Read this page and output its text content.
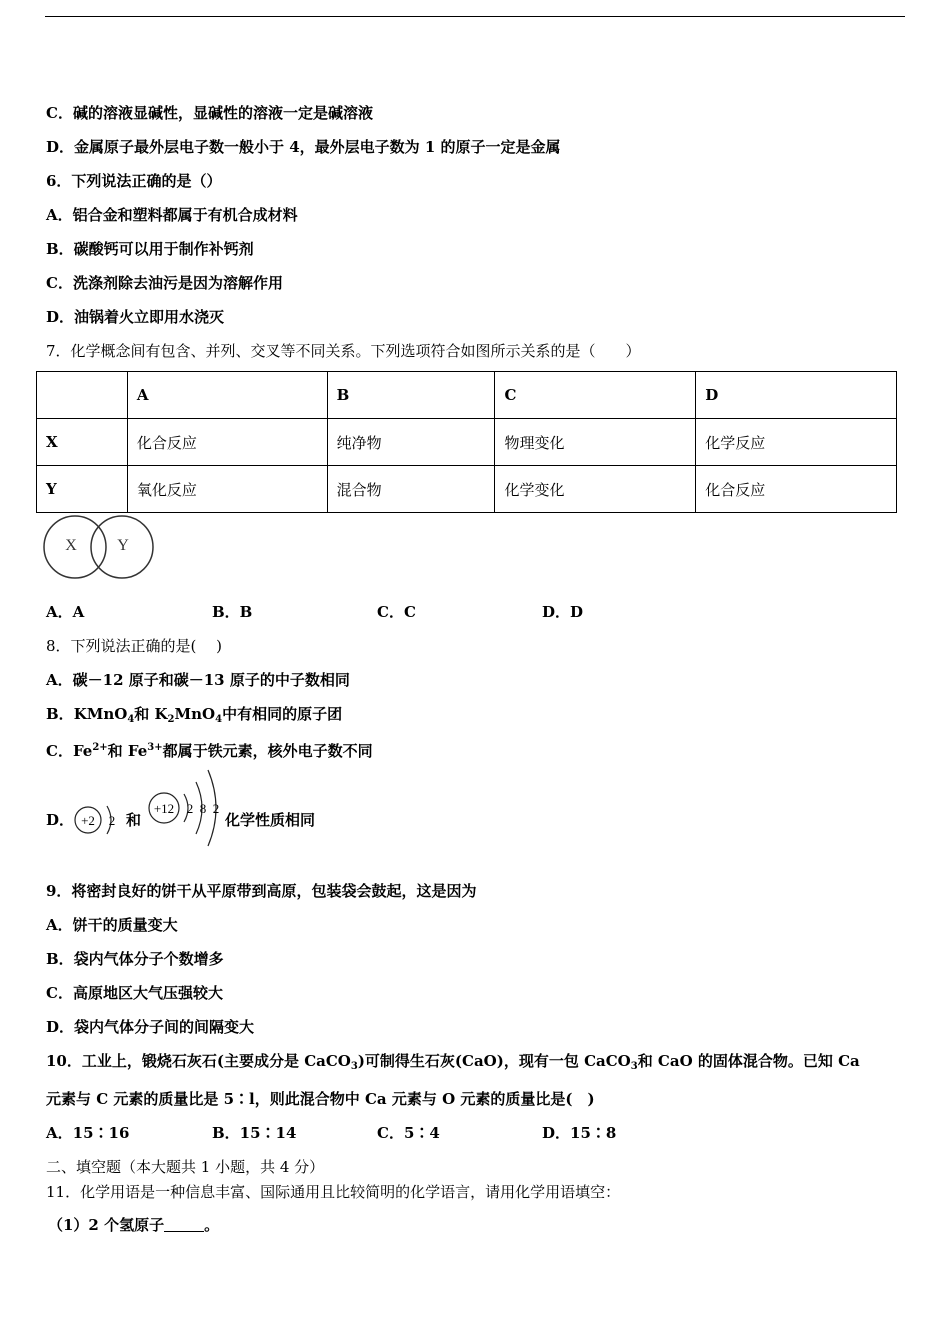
C．碱的溶液显碱性，显碱性的溶液一定是碱溶液
D．金属原子最外层电子数一般小于 4，最外层电子数为 1 的原子一定是金属
6．下列说法正确的是（）
A．铝合金和塑料都属于有机合成材料
B．碳酸钙可以用于制作补钙剂
C．洗涤剂除去油污是因为溶解作用
D．油锅着火立即用水浇灭
7．化学概念间有包含、并列、交叉等不同关系。下列选项符合如图所示关系的是（　　）
	A	B	C	D
X	化合反应	纯净物	物理变化	化学反应
Y	氧化反应	混合物	化学变化	化合反应
X	Y
A．A	B．B	C．C	D．D
8．下列说法正确的是(　 )
A．碳－12 原子和碳－13 原子的中子数相同
B．KMnO$_4$和 $K_2MnO_4$中有相同的原子团
C．$Fe^{2+}$和 $Fe^{3+}$都属于铁元素，核外电子数不同
D． +2 2 和
+12 2 8 2
化学性质相同
9．将密封良好的饼干从平原带到高原，包装袋会鼓起，这是因为
A．饼干的质量变大
B．袋内气体分子个数增多
C．高原地区大气压强较大
D．袋内气体分子间的间隔变大
10．工业上，锻烧石灰石(主要成分是 CaCO$_3$)可制得生石灰(CaO)，现有一包 CaCO$_3$和 CaO 的固体混合物。已知 Ca
元素与 C 元素的质量比是 5∶l，则此混合物中 Ca 元素与 O 元素的质量比是(　)
A．15∶16	B．15∶14	C．5∶4	D．15∶8
二、填空题（本大题共 1 小题，共 4 分）
11．化学用语是一种信息丰富、国际通用且比较简明的化学语言，请用化学用语填空：
（1）2 个氢原子	。
